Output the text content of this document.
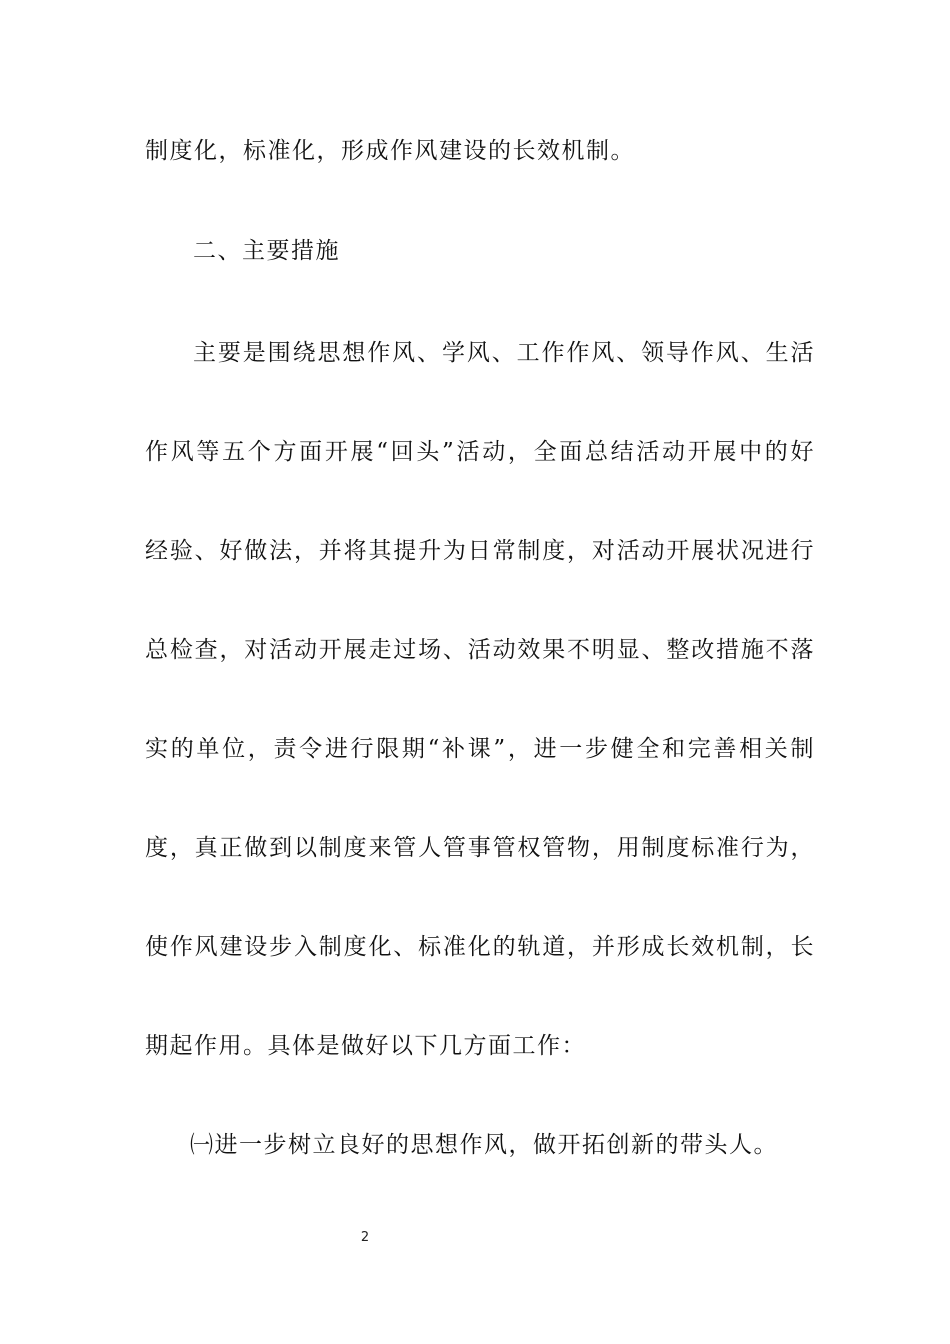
制度化，标准化，形成作风建设的长效机制。
二、主要措施
主要是围绕思想作风、学风、工作作风、领导作风、生活
作风等五个方面开展“回头”活动，全面总结活动开展中的好
经验、好做法，并将其提升为日常制度，对活动开展状况进行
总检查，对活动开展走过场、活动效果不明显、整改措施不落
实的单位，责令进行限期“补课”，进一步健全和完善相关制
度，真正做到以制度来管人管事管权管物，用制度标准行为，
使作风建设步入制度化、标准化的轨道，并形成长效机制，长
期起作用。具体是做好以下几方面工作：
㈠进一步树立良好的思想作风，做开拓创新的带头人。
2
